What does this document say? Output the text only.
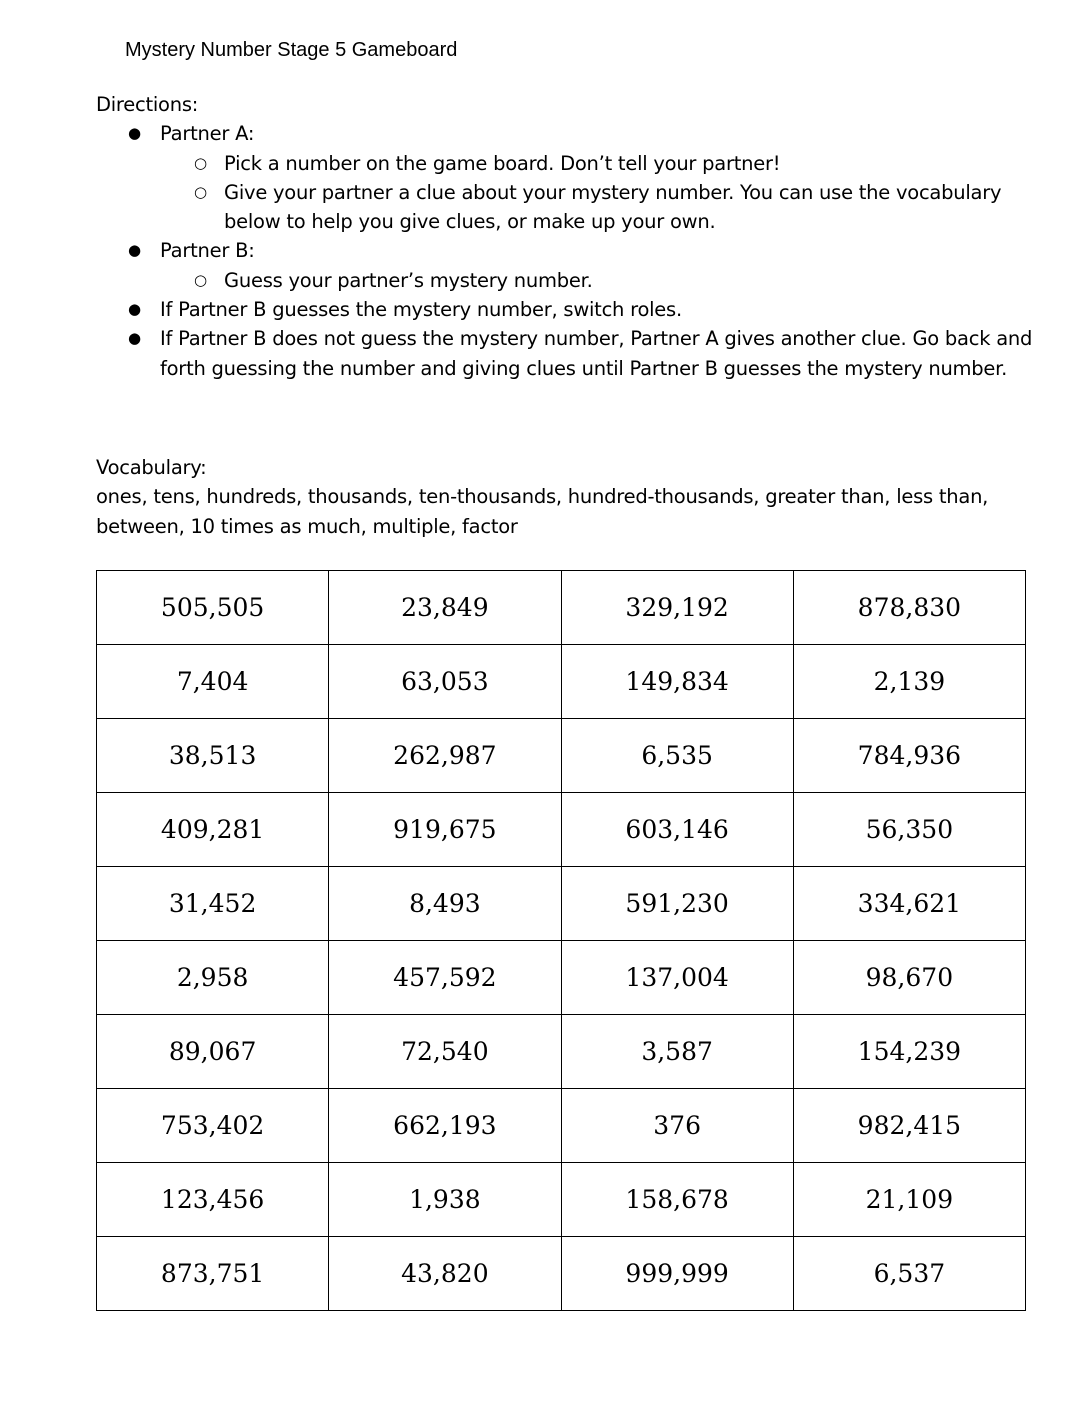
Mystery Number Stage 5 Gameboard

Directions:

● Partner A:
○ Pick a number on the game board. Don’t tell your partner!
○ Give your partner a clue about your mystery number. You can use the vocabulary below to help you give clues, or make up your own.
● Partner B:
○ Guess your partner’s mystery number.
● If Partner B guesses the mystery number, switch roles.
● If Partner B does not guess the mystery number, Partner A gives another clue. Go back and forth guessing the number and giving clues until Partner B guesses the mystery number.

Vocabulary:

ones, tens, hundreds, thousands, ten-thousands, hundred-thousands, greater than, less than, between, 10 times as much, multiple, factor

505,505	23,849	329,192	878,830
7,404	63,053	149,834	2,139
38,513	262,987	6,535	784,936
409,281	919,675	603,146	56,350
31,452	8,493	591,230	334,621
2,958	457,592	137,004	98,670
89,067	72,540	3,587	154,239
753,402	662,193	376	982,415
123,456	1,938	158,678	21,109
873,751	43,820	999,999	6,537
